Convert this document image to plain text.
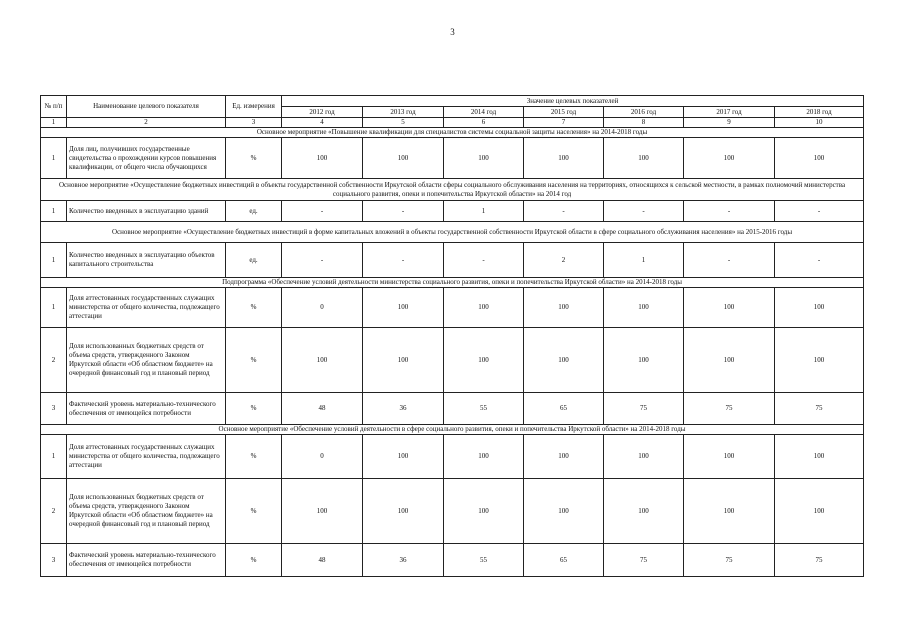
3
№ п/п	Наименование целевого показателя	Ед. измерения	Значение целевых показателей						
			2012 год	2013 год	2014 год	2015 год	2016 год	2017 год	2018 год
1	2	3	4	5	6	7	8	9	10
Основное мероприятие «Повышение квалификации для специалистов системы социальной защиты населения» на 2014-2018 годы									
1	Доля лиц, получивших государственные свидетельства о прохождении курсов повышения квалификации, от общего числа обучающихся	%	100	100	100	100	100	100	100
Основное мероприятие «Осуществление бюджетных инвестиций в объекты государственной собственности Иркутской области сферы социального обслуживания населения на территориях, относящихся к сельской местности, в рамках полномочий министерства социального развития, опеки и попечительства Иркутской области» на 2014 год									
1	Количество введенных в эксплуатацию зданий	ед.	-	-	1	-	-	-	-
Основное мероприятие «Осуществление бюджетных инвестиций в форме капитальных вложений в объекты государственной собственности Иркутской области в сфере социального обслуживания населения» на 2015-2016 годы									
1	Количество введенных в эксплуатацию объектов капитального строительства	ед.	-	-	-	2	1	-	-
Подпрограмма «Обеспечение условий деятельности министерства социального развития, опеки и попечительства Иркутской области» на 2014-2018 годы									
1	Доля аттестованных государственных служащих министерства от общего количества, подлежащего аттестации	%	0	100	100	100	100	100	100
2	Доля использованных бюджетных средств от объема средств, утвержденного Законом Иркутской области «Об областном бюджете» на очередной финансовый год и плановый период	%	100	100	100	100	100	100	100
3	Фактический уровень материально-технического обеспечения от имеющейся потребности	%	48	36	55	65	75	75	75
Основное мероприятие «Обеспечение условий деятельности в сфере социального развития, опеки и попечительства Иркутской области» на 2014-2018 годы									
1	Доля аттестованных государственных служащих министерства от общего количества, подлежащего аттестации	%	0	100	100	100	100	100	100
2	Доля использованных бюджетных средств от объема средств, утвержденного Законом Иркутской области «Об областном бюджете» на очередной финансовый год и плановый период	%	100	100	100	100	100	100	100
3	Фактический уровень материально-технического обеспечения от имеющейся потребности	%	48	36	55	65	75	75	75
